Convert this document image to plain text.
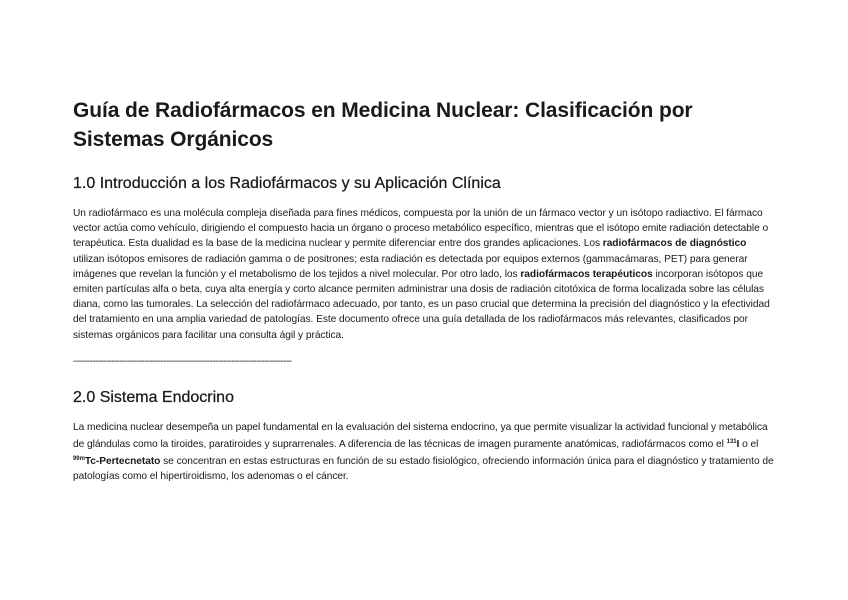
Guía de Radiofármacos en Medicina Nuclear: Clasificación por Sistemas Orgánicos
1.0 Introducción a los Radiofármacos y su Aplicación Clínica

Un radiofármaco es una molécula compleja diseñada para fines médicos, compuesta por la unión de un fármaco vector y un isótopo radiactivo. El fármaco vector actúa como vehículo, dirigiendo el compuesto hacia un órgano o proceso metabólico específico, mientras que el isótopo emite radiación detectable o terapéutica. Esta dualidad es la base de la medicina nuclear y permite diferenciar entre dos grandes aplicaciones. Los radiofármacos de diagnóstico utilizan isótopos emisores de radiación gamma o de positrones; esta radiación es detectada por equipos externos (gammacámaras, PET) para generar imágenes que revelan la función y el metabolismo de los tejidos a nivel molecular. Por otro lado, los radiofármacos terapéuticos incorporan isótopos que emiten partículas alfa o beta, cuya alta energía y corto alcance permiten administrar una dosis de radiación citotóxica de forma localizada sobre las células diana, como las tumorales. La selección del radiofármaco adecuado, por tanto, es un paso crucial que determina la precisión del diagnóstico y la efectividad del tratamiento en una amplia variedad de patologías. Este documento ofrece una guía detallada de los radiofármacos más relevantes, clasificados por sistemas orgánicos para facilitar una consulta ágil y práctica.

--------------------------------------------------------------------------------
2.0 Sistema Endocrino

La medicina nuclear desempeña un papel fundamental en la evaluación del sistema endocrino, ya que permite visualizar la actividad funcional y metabólica de glándulas como la tiroides, paratiroides y suprarrenales. A diferencia de las técnicas de imagen puramente anatómicas, radiofármacos como el $^{131}$I o el $^{99m}$Tc-Pertecnetato se concentran en estas estructuras en función de su estado fisiológico, ofreciendo información única para el diagnóstico y tratamiento de patologías como el hipertiroidismo, los adenomas o el cáncer.
